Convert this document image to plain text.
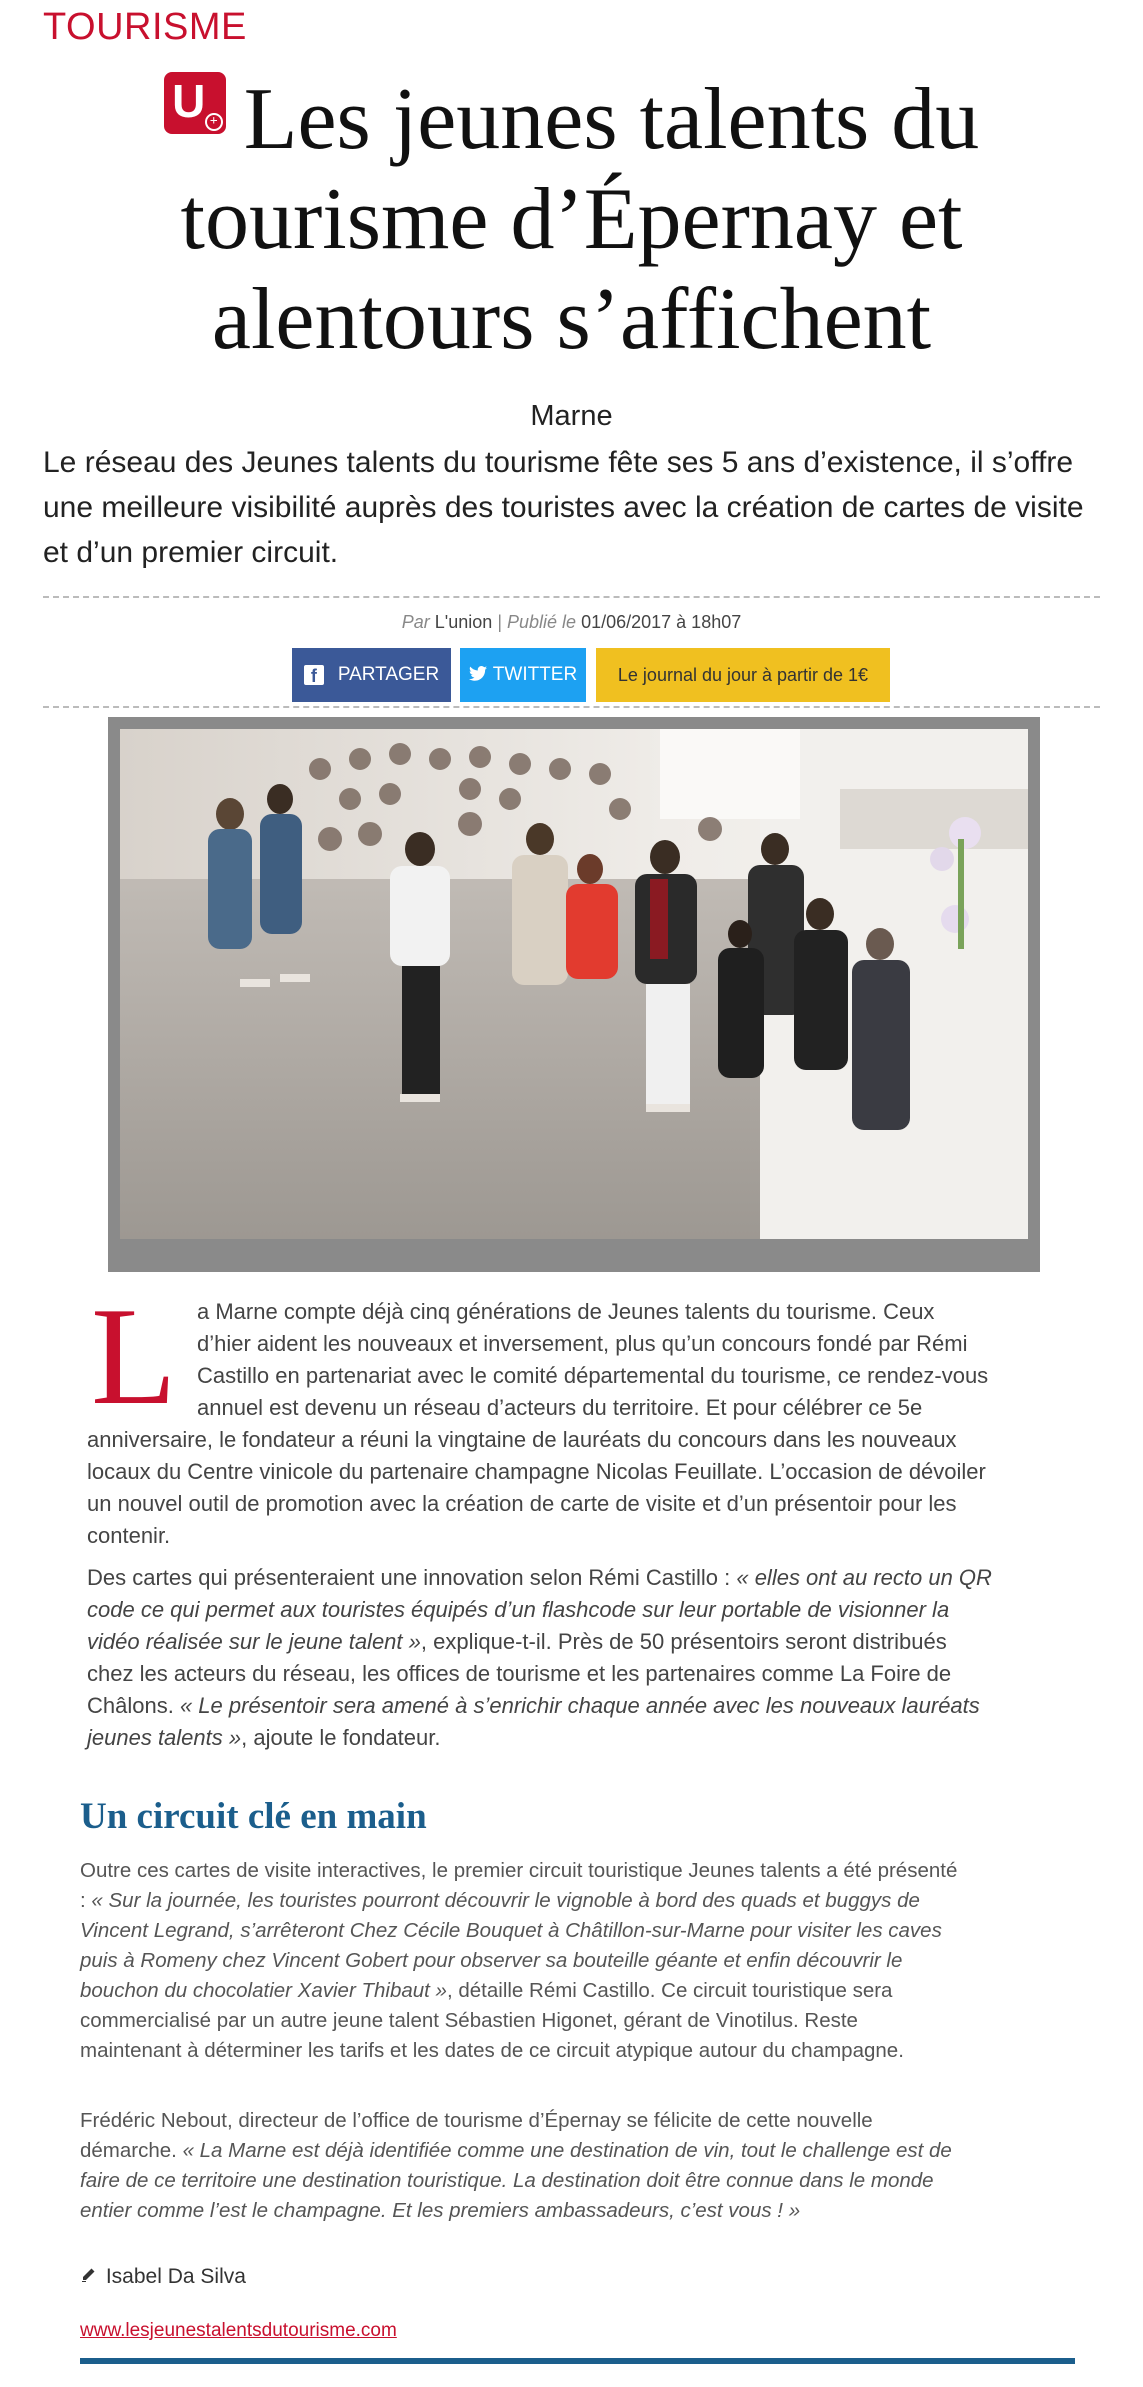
TOURISME
U + Les jeunes talents du tourisme d’Épernay et alentours s’affichent
Marne

Le réseau des Jeunes talents du tourisme fête ses 5 ans d’existence, il s’offre une meilleure visibilité auprès des touristes avec la création de cartes de visite et d’un premier circuit.

Par L'union | Publié le 01/06/2017 à 18h07
f	PARTAGER	TWITTER	Le journal du jour à partir de 1€
L a Marne compte déjà cinq générations de Jeunes talents du tourisme. Ceux d’hier aident les nouveaux et inversement, plus qu’un concours fondé par Rémi Castillo en partenariat avec le comité départemental du tourisme, ce rendez-vous annuel est devenu un réseau d’acteurs du territoire. Et pour célébrer ce 5e anniversaire, le fondateur a réuni la vingtaine de lauréats du concours dans les nouveaux locaux du Centre vinicole du partenaire champagne Nicolas Feuillate. L’occasion de dévoiler un nouvel outil de promotion avec la création de carte de visite et d’un présentoir pour les contenir.
Des cartes qui présenteraient une innovation selon Rémi Castillo : « elles ont au recto un QR code ce qui permet aux touristes équipés d’un flashcode sur leur portable de visionner la vidéo réalisée sur le jeune talent », explique-t-il. Près de 50 présentoirs seront distribués chez les acteurs du réseau, les offices de tourisme et les partenaires comme La Foire de Châlons. « Le présentoir sera amené à s’enrichir chaque année avec les nouveaux lauréats jeunes talents », ajoute le fondateur.
Un circuit clé en main
Outre ces cartes de visite interactives, le premier circuit touristique Jeunes talents a été présenté : « Sur la journée, les touristes pourront découvrir le vignoble à bord des quads et buggys de Vincent Legrand, s’arrêteront Chez Cécile Bouquet à Châtillon-sur-Marne pour visiter les caves puis à Romeny chez Vincent Gobert pour observer sa bouteille géante et enfin découvrir le bouchon du chocolatier Xavier Thibaut », détaille Rémi Castillo. Ce circuit touristique sera commercialisé par un autre jeune talent Sébastien Higonet, gérant de Vinotilus. Reste maintenant à déterminer les tarifs et les dates de ce circuit atypique autour du champagne.
Frédéric Nebout, directeur de l’office de tourisme d’Épernay se félicite de cette nouvelle démarche. « La Marne est déjà identifiée comme une destination de vin, tout le challenge est de faire de ce territoire une destination touristique. La destination doit être connue dans le monde entier comme l’est le champagne. Et les premiers ambassadeurs, c’est vous ! »
Isabel Da Silva
www.lesjeunestalentsdutourisme.com
